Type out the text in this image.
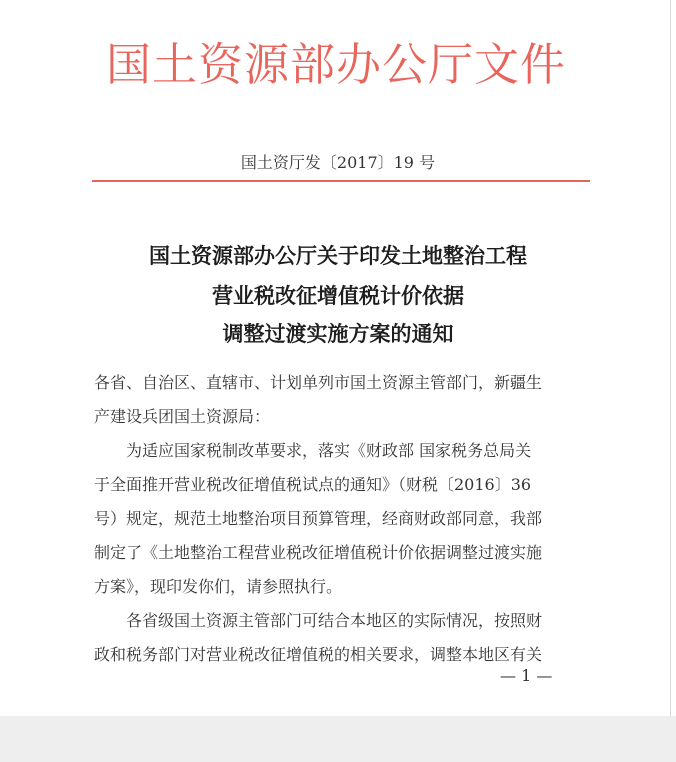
国土资源部办公厅文件
国土资厅发〔2017〕19 号
国土资源部办公厅关于印发土地整治工程
营业税改征增值税计价依据
调整过渡实施方案的通知
各省、自治区、直辖市、计划单列市国土资源主管部门，新疆生
产建设兵团国土资源局：
为适应国家税制改革要求，落实《财政部 国家税务总局关
于全面推开营业税改征增值税试点的通知》（财税〔2016〕36
号）规定，规范土地整治项目预算管理，经商财政部同意，我部
制定了《土地整治工程营业税改征增值税计价依据调整过渡实施
方案》，现印发你们，请参照执行。
各省级国土资源主管部门可结合本地区的实际情况，按照财
政和税务部门对营业税改征增值税的相关要求，调整本地区有关
— 1 —
